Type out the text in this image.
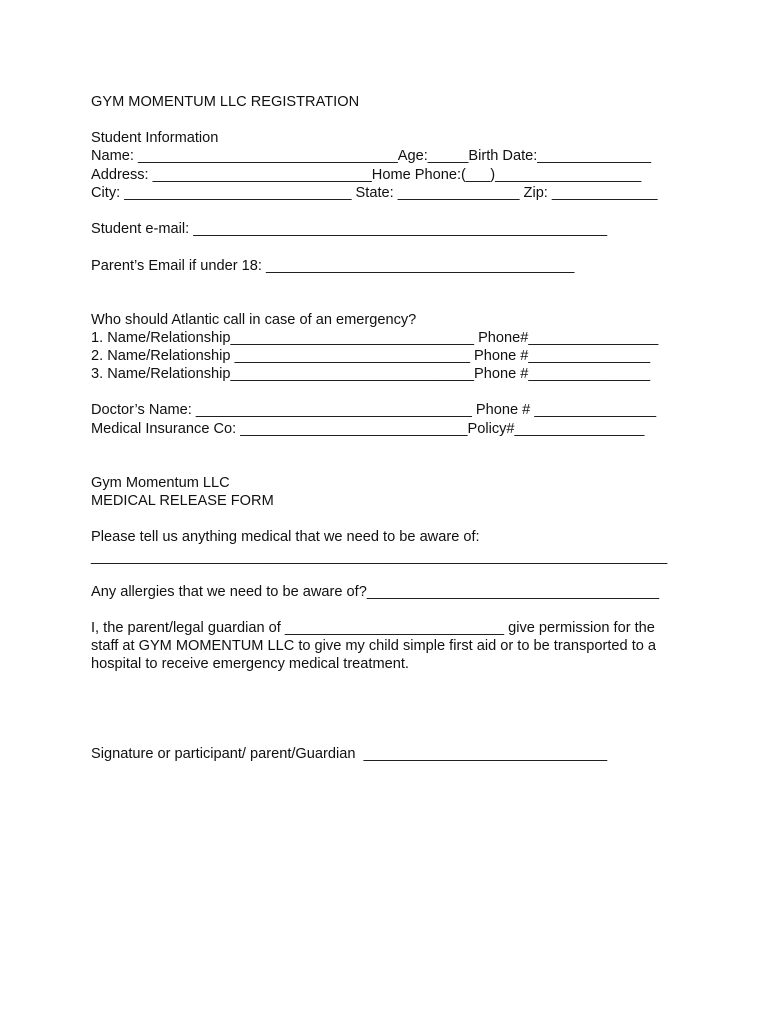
GYM MOMENTUM LLC REGISTRATION
Student Information
Name: ________________________________Age:_____Birth Date:______________
Address: ___________________________Home Phone:(___)__________________
City: ____________________________ State: _______________ Zip: _____________
Student e-mail: ___________________________________________________
Parent’s Email if under 18: ______________________________________
Who should Atlantic call in case of an emergency?
1. Name/Relationship______________________________ Phone#________________
2. Name/Relationship _____________________________ Phone #_______________
3. Name/Relationship______________________________Phone #_______________
Doctor’s Name: __________________________________ Phone # _______________
Medical Insurance Co: ____________________________Policy#________________
Gym Momentum LLC
MEDICAL RELEASE FORM
Please tell us anything medical that we need to be aware of:
_______________________________________________________________________
Any allergies that we need to be aware of?____________________________________
I, the parent/legal guardian of ___________________________ give permission for the staff at GYM MOMENTUM LLC to give my child simple first aid or to be transported to a hospital to receive emergency medical treatment.
Signature or participant/ parent/Guardian  ______________________________
